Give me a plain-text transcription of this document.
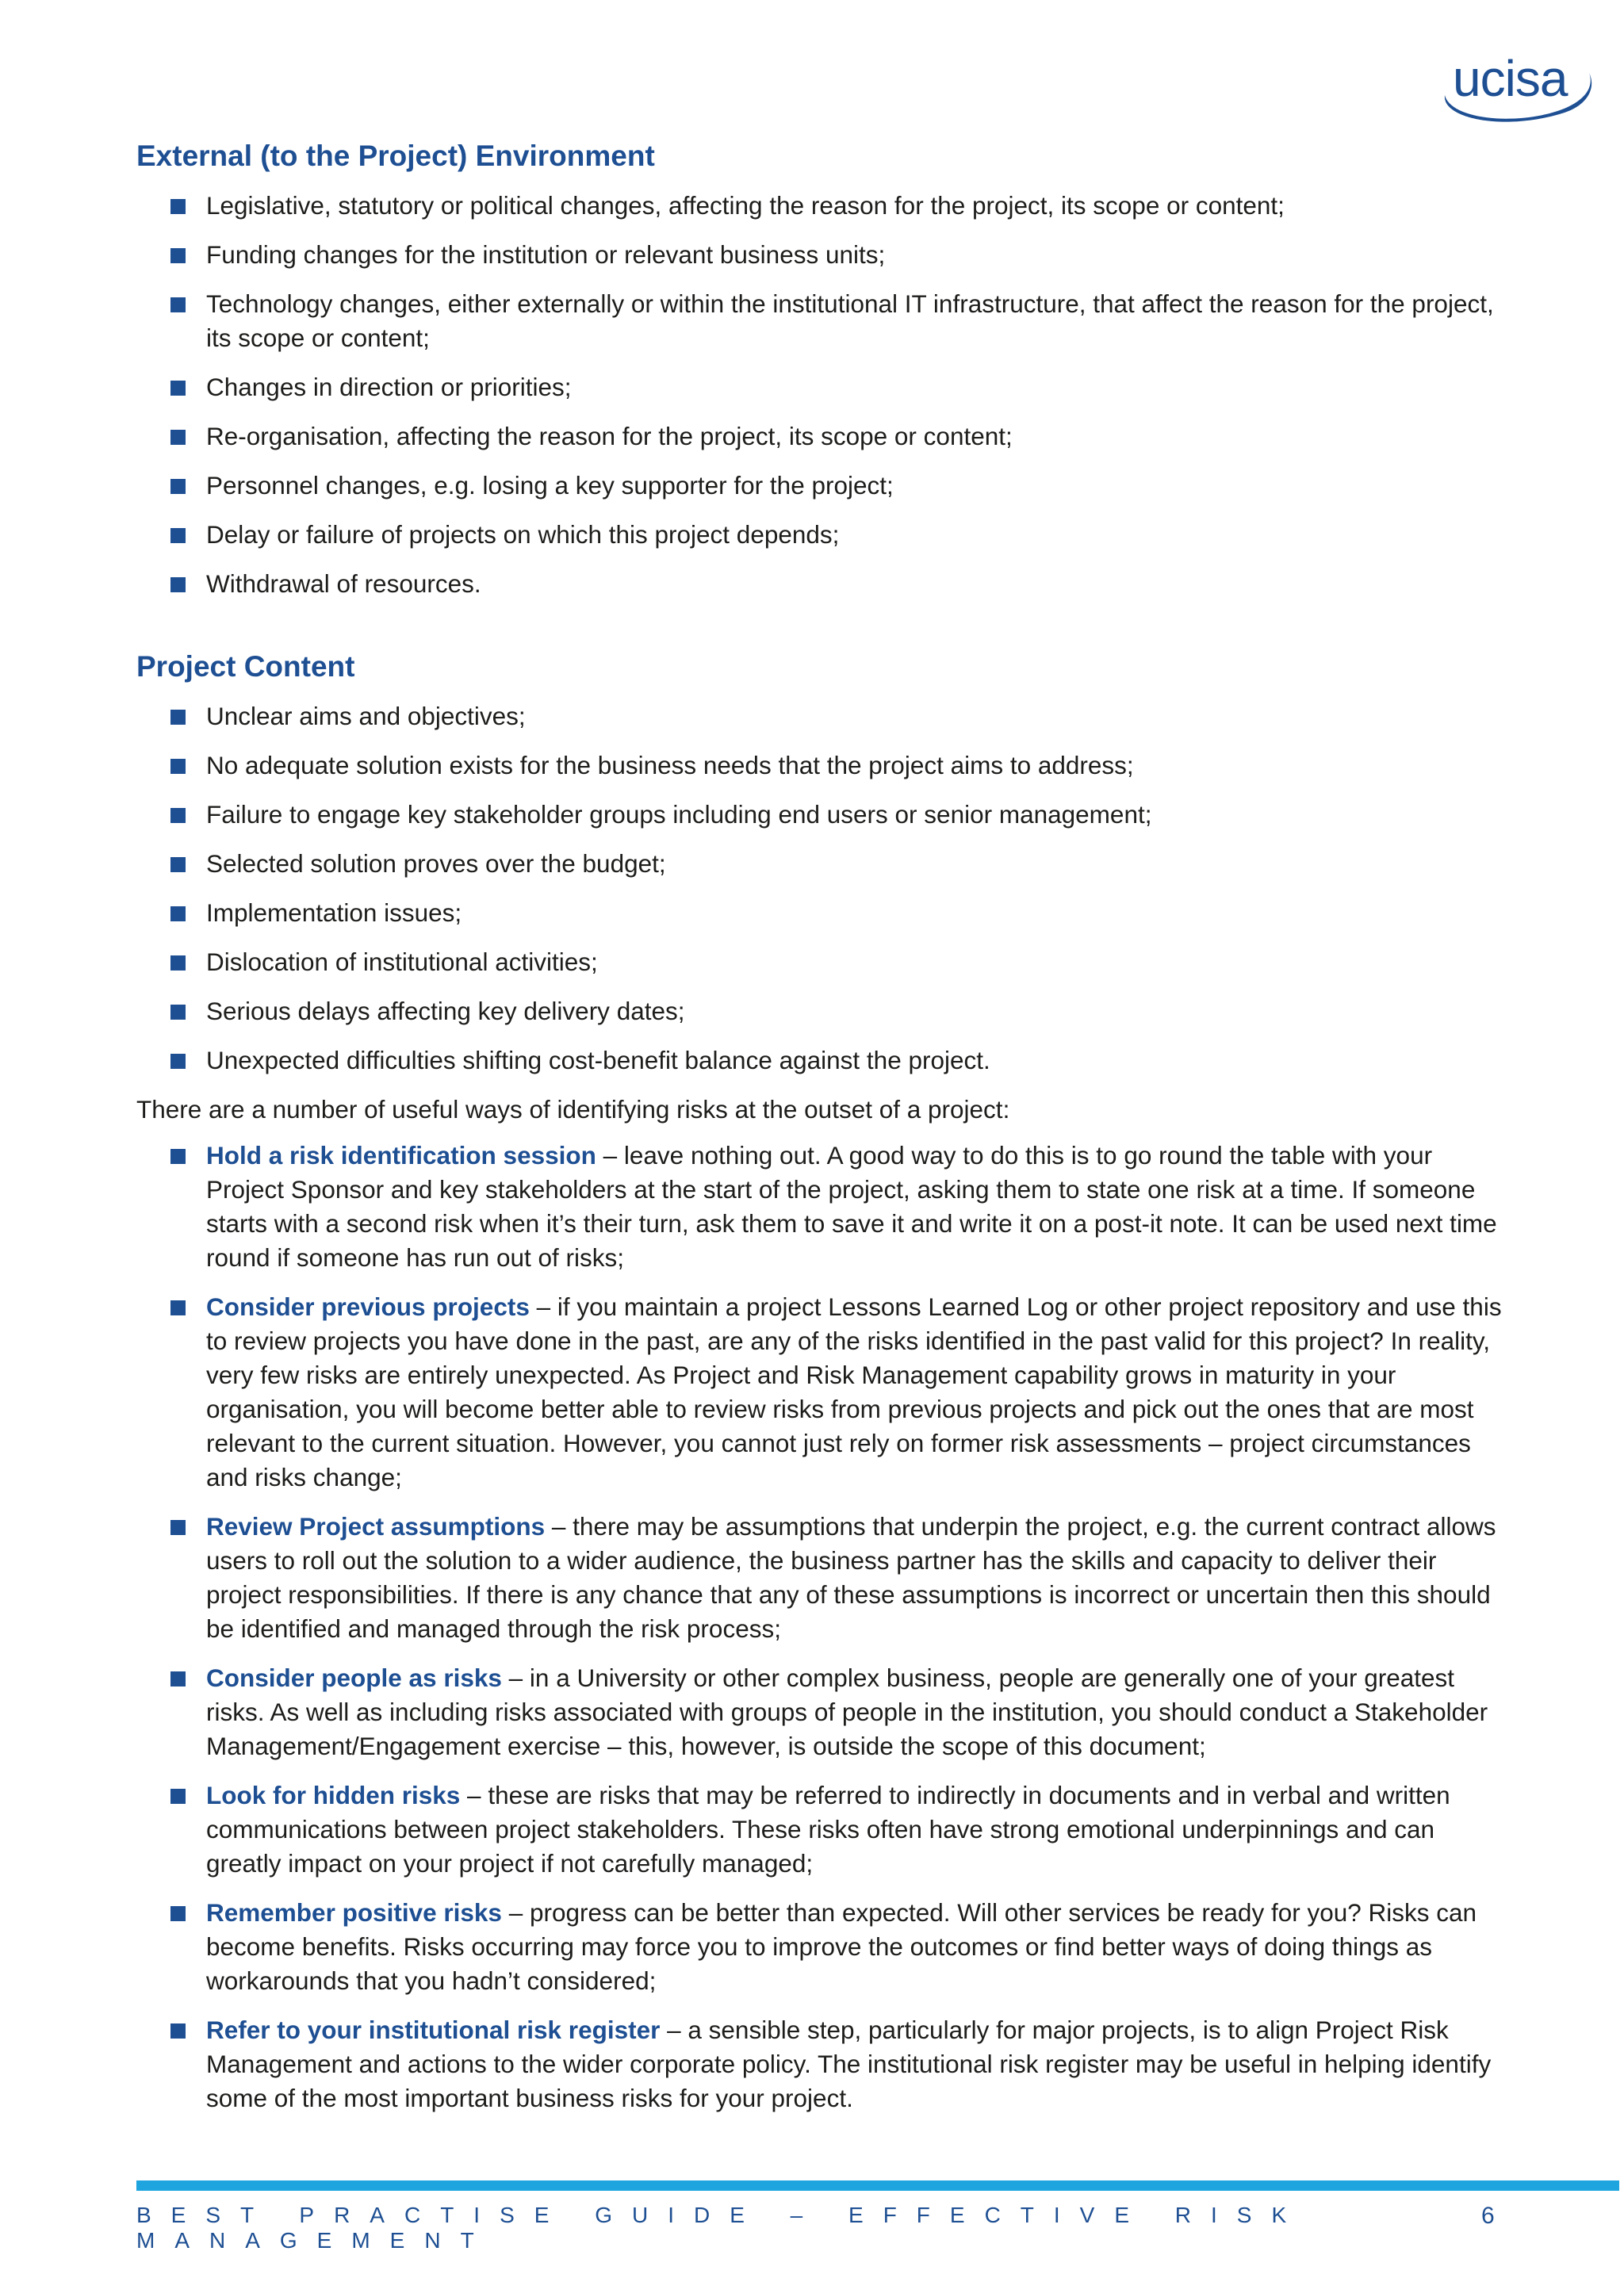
ucisa
External (to the Project) Environment
Legislative, statutory or political changes, affecting the reason for the project, its scope or content;
Funding changes for the institution or relevant business units;
Technology changes, either externally or within the institutional IT infrastructure, that affect the reason for the project, its scope or content;
Changes in direction or priorities;
Re-organisation, affecting the reason for the project, its scope or content;
Personnel changes, e.g. losing a key supporter for the project;
Delay or failure of projects on which this project depends;
Withdrawal of resources.
Project Content
Unclear aims and objectives;
No adequate solution exists for the business needs that the project aims to address;
Failure to engage key stakeholder groups including end users or senior management;
Selected solution proves over the budget;
Implementation issues;
Dislocation of institutional activities;
Serious delays affecting key delivery dates;
Unexpected difficulties shifting cost-benefit balance against the project.

There are a number of useful ways of identifying risks at the outset of a project:

Hold a risk identification session – leave nothing out. A good way to do this is to go round the table with your Project Sponsor and key stakeholders at the start of the project, asking them to state one risk at a time. If someone starts with a second risk when it’s their turn, ask them to save it and write it on a post-it note. It can be used next time round if someone has run out of risks;
Consider previous projects – if you maintain a project Lessons Learned Log or other project repository and use this to review projects you have done in the past, are any of the risks identified in the past valid for this project? In reality, very few risks are entirely unexpected. As Project and Risk Management capability grows in maturity in your organisation, you will become better able to review risks from previous projects and pick out the ones that are most relevant to the current situation. However, you cannot just rely on former risk assessments – project circumstances and risks change;
Review Project assumptions – there may be assumptions that underpin the project, e.g. the current contract allows users to roll out the solution to a wider audience, the business partner has the skills and capacity to deliver their project responsibilities. If there is any chance that any of these assumptions is incorrect or uncertain then this should be identified and managed through the risk process;
Consider people as risks – in a University or other complex business, people are generally one of your greatest risks. As well as including risks associated with groups of people in the institution, you should conduct a Stakeholder Management/Engagement exercise – this, however, is outside the scope of this document;
Look for hidden risks – these are risks that may be referred to indirectly in documents and in verbal and written communications between project stakeholders. These risks often have strong emotional underpinnings and can greatly impact on your project if not carefully managed;
Remember positive risks – progress can be better than expected. Will other services be ready for you? Risks can become benefits. Risks occurring may force you to improve the outcomes or find better ways of doing things as workarounds that you hadn’t considered;
Refer to your institutional risk register – a sensible step, particularly for major projects, is to align Project Risk Management and actions to the wider corporate policy. The institutional risk register may be useful in helping identify some of the most important business risks for your project.
BEST PRACTISE GUIDE – EFFECTIVE RISK MANAGEMENT
6
